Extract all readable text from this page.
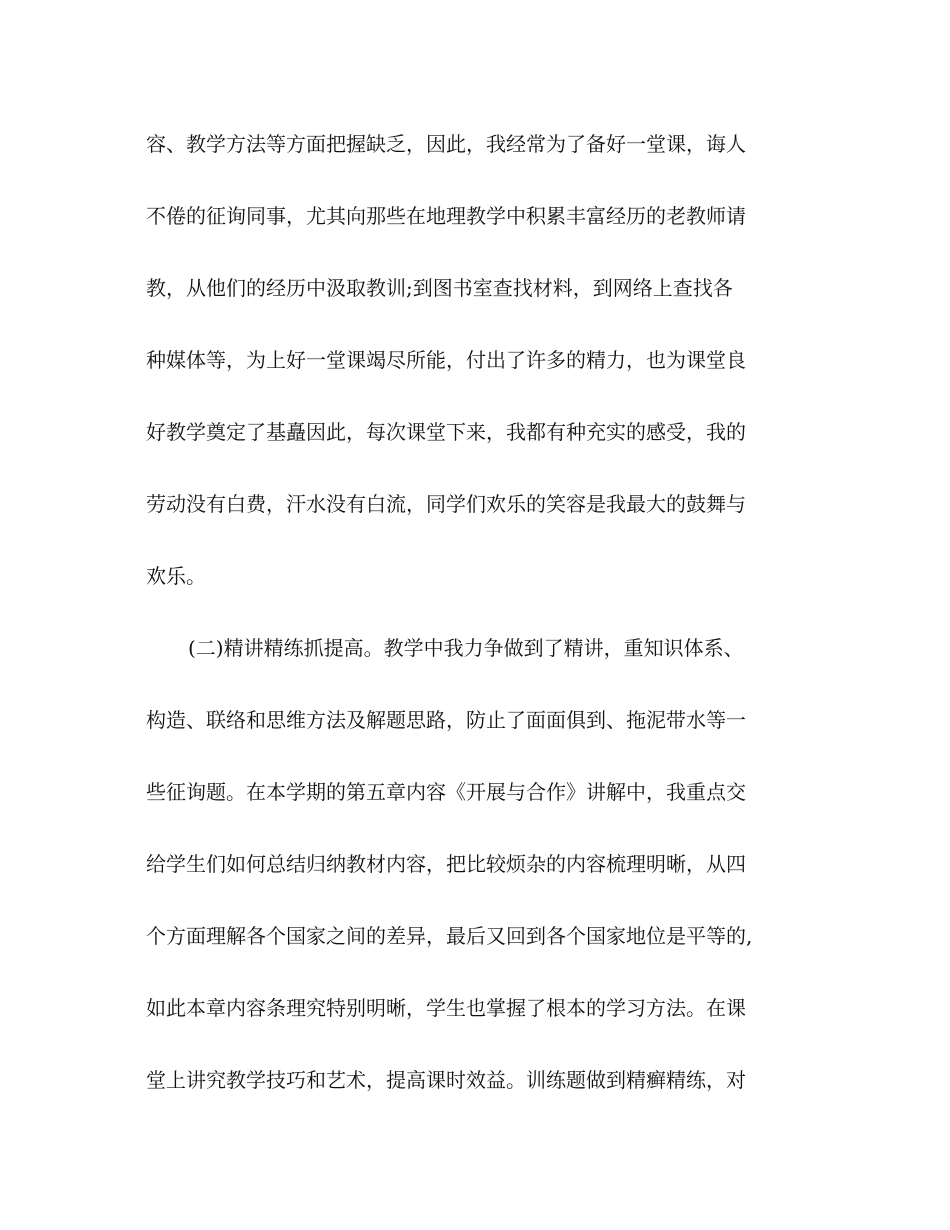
容、教学方法等方面把握缺乏，因此，我经常为了备好一堂课，诲人
不倦的征询同事，尤其向那些在地理教学中积累丰富经历的老教师请
教，从他们的经历中汲取教训;到图书室查找材料，到网络上查找各
种媒体等，为上好一堂课竭尽所能，付出了许多的精力，也为课堂良
好教学奠定了基矗因此，每次课堂下来，我都有种充实的感受，我的
劳动没有白费，汗水没有白流，同学们欢乐的笑容是我最大的鼓舞与
欢乐。
(二)精讲精练抓提高。教学中我力争做到了精讲，重知识体系、
构造、联络和思维方法及解题思路，防止了面面俱到、拖泥带水等一
些征询题。在本学期的第五章内容《开展与合作》讲解中，我重点交
给学生们如何总结归纳教材内容，把比较烦杂的内容梳理明晰，从四
个方面理解各个国家之间的差异，最后又回到各个国家地位是平等的,
如此本章内容条理究特别明晰，学生也掌握了根本的学习方法。在课
堂上讲究教学技巧和艺术，提高课时效益。训练题做到精癣精练，对
